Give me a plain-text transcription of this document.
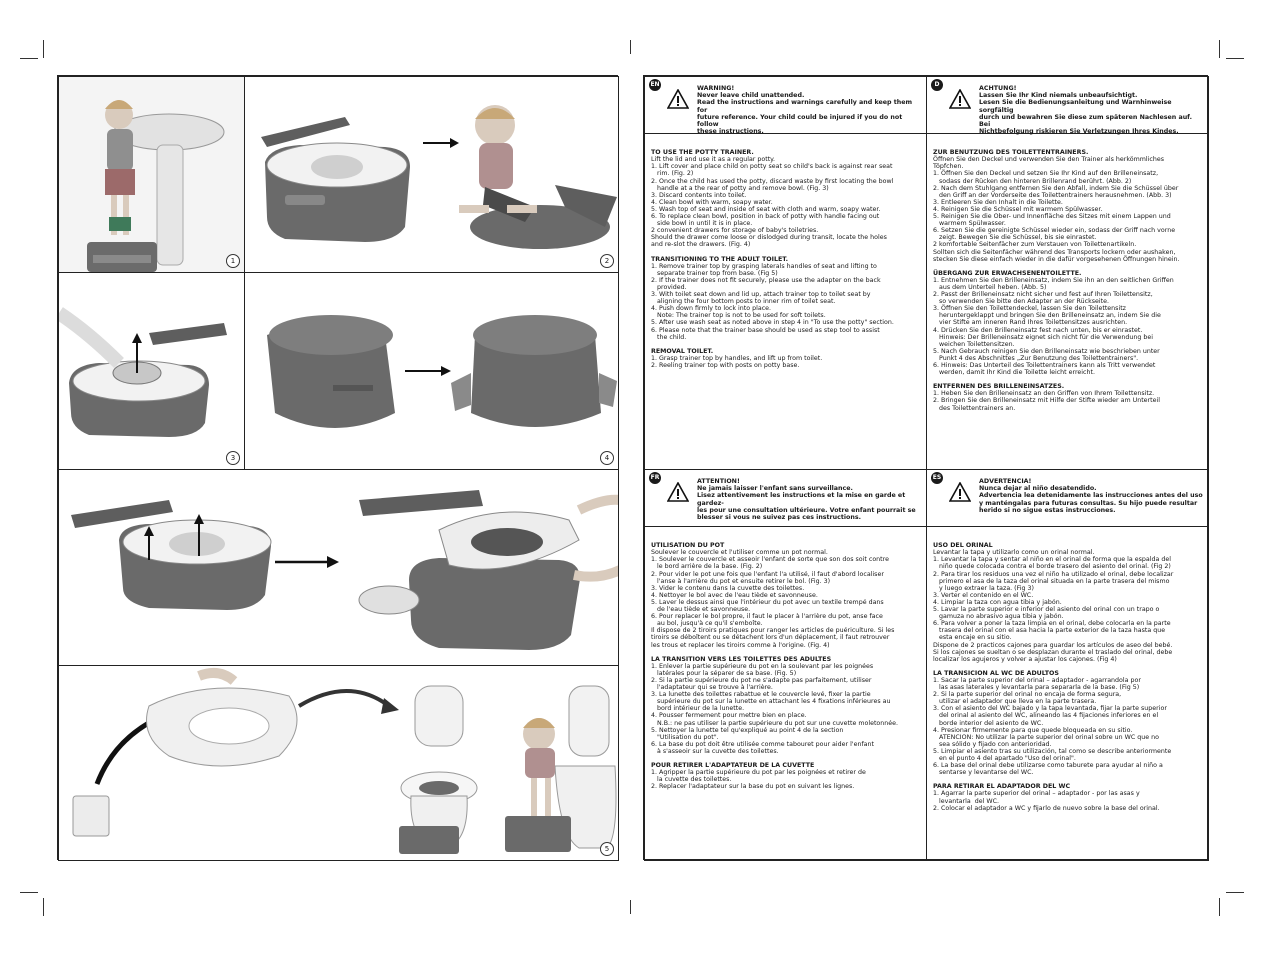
1	2
3	4
5
EN
WARNING!
Never leave child unattended.
Read the instructions and warnings carefully and keep them for
future reference. Your child could be injured if you do not follow
these instructions.

TO USE THE POTTY TRAINER.
Lift the lid and use it as a regular potty.
1. Lift cover and place child on potty seat so child's back is against rear seat
rim. (Fig. 2)
2. Once the child has used the potty, discard waste by first locating the bowl
handle at a the rear of potty and remove bowl. (Fig. 3)
3. Discard contents into toilet.
4. Clean bowl with warm, soapy water.
5. Wash top of seat and inside of seat with cloth and warm, soapy water.
6. To replace clean bowl, position in back of potty with handle facing out
side bowl in until it is in place.
2 convenient drawers for storage of baby's toiletries.
Should the drawer come loose or dislodged during transit, locate the holes
and re-slot the drawers. (Fig. 4)

TRANSITIONING TO THE ADULT TOILET.
1. Remove trainer top by grasping laterals handles of seat and lifting to
separate trainer top from base. (Fig 5)
2. If the trainer does not fit securely, please use the adapter on the back
provided.
3. With toilet seat down and lid up, attach trainer top to toilet seat by
aligning the four bottom posts to inner rim of toilet seat.
4. Push down firmly to lock into place.
Note: The trainer top is not to be used for soft toilets.
5. After use wash seat as noted above in step 4 in "To use the potty" section.
6. Please note that the trainer base should be used as step tool to assist
the child.

REMOVAL TOILET.
1. Grasp trainer top by handles, and lift up from toilet.
2. Reeling trainer top with posts on potty base.

D
ACHTUNG!
Lassen Sie Ihr Kind niemals unbeaufsichtigt.
Lesen Sie die Bedienungsanleitung und Warnhinweise sorgfältig
durch und bewahren Sie diese zum späteren Nachlesen auf. Bei
Nichtbefolgung riskieren Sie Verletzungen Ihres Kindes.

ZUR BENUTZUNG DES TOILETTENTRAINERS.
Öffnen Sie den Deckel und verwenden Sie den Trainer als herkömmliches
Töpfchen.
1. Öffnen Sie den Deckel und setzen Sie Ihr Kind auf den Brilleneinsatz,
sodass der Rücken den hinteren Brillenrand berührt. (Abb. 2)
2. Nach dem Stuhlgang entfernen Sie den Abfall, indem Sie die Schüssel über
den Griff an der Vorderseite des Toilettentrainers herausnehmen. (Abb. 3)
3. Entleeren Sie den Inhalt in die Toilette.
4. Reinigen Sie die Schüssel mit warmem Spülwasser.
5. Reinigen Sie die Ober- und Innenfläche des Sitzes mit einem Lappen und
warmem Spülwasser.
6. Setzen Sie die gereinigte Schüssel wieder ein, sodass der Griff nach vorne
zeigt. Bewegen Sie die Schüssel, bis sie einrastet.
2 komfortable Seitenfächer zum Verstauen von Toilettenartikeln.
Sollten sich die Seitenfächer während des Transports lockern oder aushaken,
stecken Sie diese einfach wieder in die dafür vorgesehenen Öffnungen hinein.

ÜBERGANG ZUR ERWACHSENENTOILETTE.
1. Entnehmen Sie den Brilleneinsatz, indem Sie ihn an den seitlichen Griffen
aus dem Unterteil heben. (Abb. 5)
2. Passt der Brilleneinsatz nicht sicher und fest auf Ihren Toilettensitz,
so verwenden Sie bitte den Adapter an der Rückseite.
3. Öffnen Sie den Toilettendeckel, lassen Sie den Toilettensitz
heruntergeklappt und bringen Sie den Brilleneinsatz an, indem Sie die
vier Stifte am inneren Rand Ihres Toilettensitzes ausrichten.
4. Drücken Sie den Brilleneinsatz fest nach unten, bis er einrastet.
Hinweis: Der Brilleneinsatz eignet sich nicht für die Verwendung bei
weichen Toilettensitzen.
5. Nach Gebrauch reinigen Sie den Brilleneinsatz wie beschrieben unter
Punkt 4 des Abschnittes „Zur Benutzung des Toilettentrainers".
6. Hinweis: Das Unterteil des Toilettentrainers kann als Tritt verwendet
werden, damit Ihr Kind die Toilette leicht erreicht.

ENTFERNEN DES BRILLENEINSATZES.
1. Heben Sie den Brilleneinsatz an den Griffen von Ihrem Toilettensitz.
2. Bringen Sie den Brilleneinsatz mit Hilfe der Stifte wieder am Unterteil
des Toilettentrainers an.

FR
ATTENTION!
Ne jamais laisser l'enfant sans surveillance.
Lisez attentivement les instructions et la mise en garde et gardez-
les pour une consultation ultérieure. Votre enfant pourrait se
blesser si vous ne suivez pas ces instructions.

UTILISATION DU POT
Soulever le couvercle et l'utiliser comme un pot normal.
1. Soulever le couvercle et asseoir l'enfant de sorte que son dos soit contre
le bord arrière de la base. (Fig. 2)
2. Pour vider le pot une fois que l'enfant l'a utilisé, il faut d'abord localiser
l'anse à l'arrière du pot et ensuite retirer le bol. (Fig. 3)
3. Vider le contenu dans la cuvette des toilettes.
4. Nettoyer le bol avec de l'eau tiède et savonneuse.
5. Laver le dessus ainsi que l'intérieur du pot avec un textile trempé dans
de l'eau tiède et savonneuse.
6. Pour replacer le bol propre, il faut le placer à l'arrière du pot, anse face
au bol, jusqu'à ce qu'il s'emboîte.
Il dispose de 2 tiroirs pratiques pour ranger les articles de puériculture. Si les
tiroirs se déboîtent ou se détachent lors d'un déplacement, il faut retrouver
les trous et replacer les tiroirs comme à l'origine. (Fig. 4)

LA TRANSITION VERS LES TOILETTES DES ADULTES
1. Enlever la partie supérieure du pot en la soulevant par les poignées
latérales pour la séparer de sa base. (Fig. 5)
2. Si la partie supérieure du pot ne s'adapte pas parfaitement, utiliser
l'adaptateur qui se trouve à l'arrière.
3. La lunette des toilettes rabattue et le couvercle levé, fixer la partie
supérieure du pot sur la lunette en attachant les 4 fixations inférieures au
bord intérieur de la lunette.
4. Pousser fermement pour mettre bien en place.
N.B.: ne pas utiliser la partie supérieure du pot sur une cuvette moletonnée.
5. Nettoyer la lunette tel qu'expliqué au point 4 de la section
"Utilisation du pot".
6. La base du pot doit être utilisée comme tabouret pour aider l'enfant
à s'asseoir sur la cuvette des toilettes.

POUR RETIRER L'ADAPTATEUR DE LA CUVETTE
1. Agripper la partie supérieure du pot par les poignées et retirer de
la cuvette des toilettes.
2. Replacer l'adaptateur sur la base du pot en suivant les lignes.

ES
ADVERTENCIA!
Nunca dejar al niño desatendido.
Advertencia lea detenidamente las instrucciones antes del uso
y manténgalas para futuras consultas. Su hijo puede resultar
herido si no sigue estas instrucciones.

USO DEL ORINAL
Levantar la tapa y utilizarlo como un orinal normal.
1. Levantar la tapa y sentar al niño en el orinal de forma que la espalda del
niño quede colocada contra el borde trasero del asiento del orinal. (Fig 2)
2. Para tirar los residuos una vez el niño ha utilizado el orinal, debe localizar
primero el asa de la taza del orinal situada en la parte trasera del mismo
y luego extraer la taza. (Fig 3)
3. Verter el contenido en el WC.
4. Limpiar la taza con agua tibia y jabón.
5. Lavar la parte superior e inferior del asiento del orinal con un trapo o
gamuza no abrasivo agua tibia y jabón.
6. Para volver a poner la taza limpia en el orinal, debe colocarla en la parte
trasera del orinal con el asa hacia la parte exterior de la taza hasta que
esta encaje en su sitio.
Dispone de 2 practicos cajones para guardar los artículos de aseo del bebé.
Si los cajones se sueltan o se desplazan durante el traslado del orinal, debe
localizar los agujeros y volver a ajustar los cajones. (Fig 4)

LA TRANSICION AL WC DE ADULTOS
1. Sacar la parte superior del orinal – adaptador - agarrandola por
las asas laterales y levantarla para separarla de la base. (Fig 5)
2. Si la parte superior del orinal no encaja de forma segura,
utilizar el adaptador que lleva en la parte trasera.
3. Con el asiento del WC bajado y la tapa levantada, fijar la parte superior
del orinal al asiento del WC, alineando las 4 fijaciones inferiores en el
borde interior del asiento de WC.
4. Presionar firmemente para que quede bloqueada en su sitio.
ATENCION: No utilizar la parte superior del orinal sobre un WC que no
sea sólido y fijado con anterioridad.
5. Limpiar el asiento tras su utilización, tal como se describe anteriormente
en el punto 4 del apartado "Uso del orinal".
6. La base del orinal debe utilizarse como taburete para ayudar al niño a
sentarse y levantarse del WC.

PARA RETIRAR EL ADAPTADOR DEL WC
1. Agarrar la parte superior del orinal – adaptador - por las asas y
levantarla  del WC.
2. Colocar el adaptador a WC y fijarlo de nuevo sobre la base del orinal.
